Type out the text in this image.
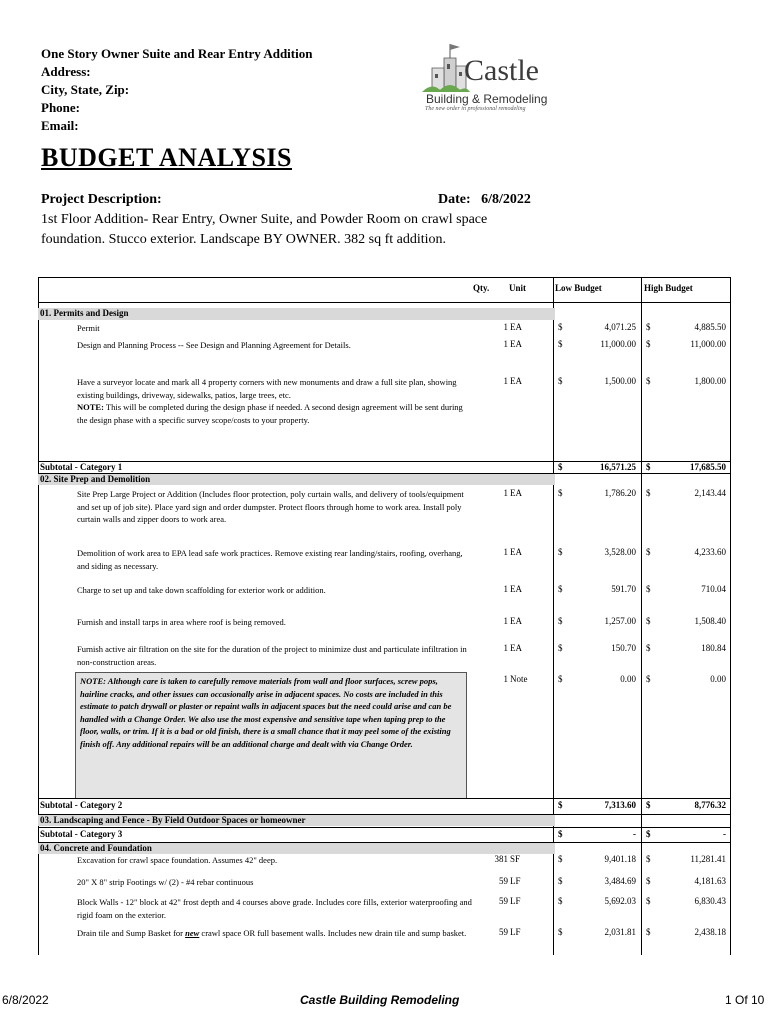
One Story Owner Suite and Rear Entry Addition
Address:
City, State, Zip:
Phone:
Email:
Castle
Building & Remodeling
The new order in professional remodeling
BUDGET ANALYSIS
Project Description:	Date: 6/8/2022
1st Floor Addition- Rear Entry, Owner Suite, and Powder Room on crawl space foundation. Stucco exterior. Landscape BY OWNER. 382 sq ft addition.
Qty. Unit	Low Budget	High Budget
01. Permits and Design
Permit	1 EA	$	4,071.25 $	4,885.50
Design and Planning Process -- See Design and Planning Agreement for Details.	1 EA	$	11,000.00 $	11,000.00
Have a surveyor locate and mark all 4 property corners with new monuments and draw a full site plan, showing existing buildings, driveway, sidewalks, patios, large trees, etc.
NOTE: This will be completed during the design phase if needed. A second design agreement will be sent during the design phase with a specific survey scope/costs to your property.
1 EA	$	1,500.00 $	1,800.00
Subtotal - Category 1	$	16,571.25 $	17,685.50
02. Site Prep and Demolition
Site Prep Large Project or Addition (Includes floor protection, poly curtain walls, and delivery of tools/equipment and set up of job site). Place yard sign and order dumpster. Protect floors through home to work area. Install poly curtain walls and zipper doors to work area.
1 EA	$	1,786.20 $	2,143.44
Demolition of work area to EPA lead safe work practices. Remove existing rear landing/stairs, roofing, overhang, and siding as necessary.
1 EA	$	3,528.00 $	4,233.60
Charge to set up and take down scaffolding for exterior work or addition.	1 EA	$	591.70 $	710.04
Furnish and install tarps in area where roof is being removed.	1 EA	$	1,257.00 $	1,508.40
Furnish active air filtration on the site for the duration of the project to minimize dust and particulate infiltration in non-construction areas.
1 EA	$	150.70 $	180.84
NOTE: Although care is taken to carefully remove materials from wall and floor surfaces, screw pops, hairline cracks, and other issues can occasionally arise in adjacent spaces. No costs are included in this estimate to patch drywall or plaster or repaint walls in adjacent spaces but the need could arise and can be handled with a Change Order. We also use the most expensive and sensitive tape when taping prep to the floor, walls, or trim. If it is a bad or old finish, there is a small chance that it may peel some of the existing finish off. Any additional repairs will be an additional charge and dealt with via Change Order.
1 Note	$	0.00 $	0.00
Subtotal - Category 2	$	7,313.60 $	8,776.32
03. Landscaping and Fence - By Field Outdoor Spaces or homeowner
Subtotal - Category 3	$	- $	-
04. Concrete and Foundation
Excavation for crawl space foundation. Assumes 42" deep.	381 SF	$	9,401.18 $	11,281.41
20" X 8" strip Footings w/ (2) - #4 rebar continuous	59 LF	$	3,484.69 $	4,181.63
Block Walls - 12" block at 42" frost depth and 4 courses above grade. Includes core fills, exterior waterproofing and rigid foam on the exterior.
59 LF	$	5,692.03 $	6,830.43
Drain tile and Sump Basket for new crawl space OR full basement walls. Includes new drain tile and sump basket.	59 LF	$	2,031.81 $	2,438.18
6/8/2022	Castle Building Remodeling	1 Of 10
